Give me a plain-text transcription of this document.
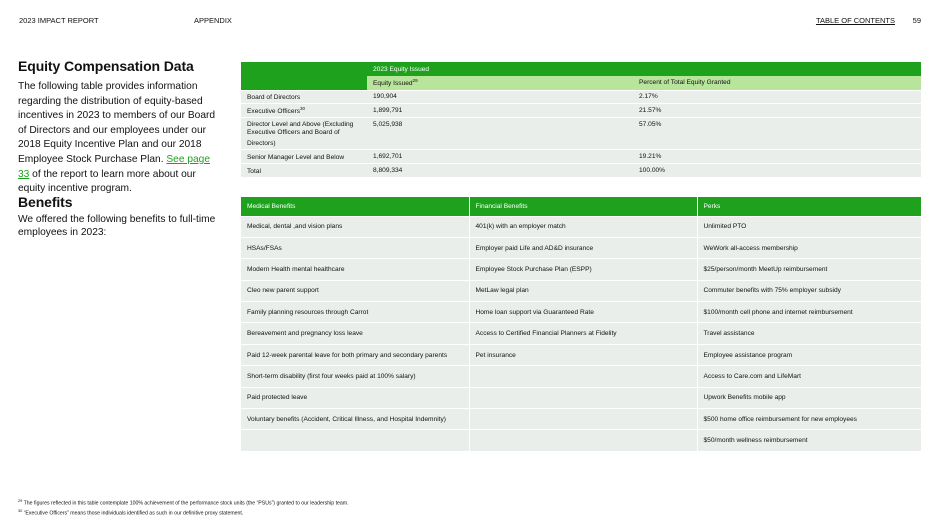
2023 IMPACT REPORT	APPENDIX	TABLE OF CONTENTS 59
Equity Compensation Data
The following table provides information regarding the distribution of equity-based incentives in 2023 to members of our Board of Directors and our employees under our 2018 Equity Incentive Plan and our 2018 Employee Stock Purchase Plan. See page 33 of the report to learn more about our equity incentive program.
	2023 Equity Issued	
	Equity Issued$^{29}$	Percent of Total Equity Granted
Board of Directors	190,904	2.17%
Executive Officers$^{30}$	1,899,791	21.57%
Director Level and Above (Excluding Executive Officers and Board of Directors)	5,025,938	57.05%
Senior Manager Level and Below	1,692,701	19.21%
Total	8,809,334	100.00%
Benefits
We offered the following benefits to full-time employees in 2023:
Medical Benefits	Financial Benefits	Perks
Medical, dental ,and vision plans	401(k) with an employer match	Unlimited PTO
HSAs/FSAs	Employer paid Life and AD&D insurance	WeWork all-access membership
Modern Health mental healthcare	Employee Stock Purchase Plan (ESPP)	$25/person/month MeetUp reimbursement
Cleo new parent support	MetLaw legal plan	Commuter benefits with 75% employer subsidy
Family planning resources through Carrot	Home loan support via Guaranteed Rate	$100/month cell phone and internet reimbursement
Bereavement and pregnancy loss leave	Access to Certified Financial Planners at Fidelity	Travel assistance
Paid 12-week parental leave for both primary and secondary parents	Pet insurance	Employee assistance program
Short-term disability (first four weeks paid at 100% salary)		Access to Care.com and LifeMart
Paid protected leave		Upwork Benefits mobile app
Voluntary benefits (Accident, Critical Illness, and Hospital Indemnity)		$500 home office reimbursement for new employees
		$50/month wellness reimbursement
$^{29}$ The figures reflected in this table contemplate 100% achievement of the performance stock units (the “PSUs”) granted to our leadership team.
$^{30}$ “Executive Officers” means those individuals identified as such in our definitive proxy statement.
